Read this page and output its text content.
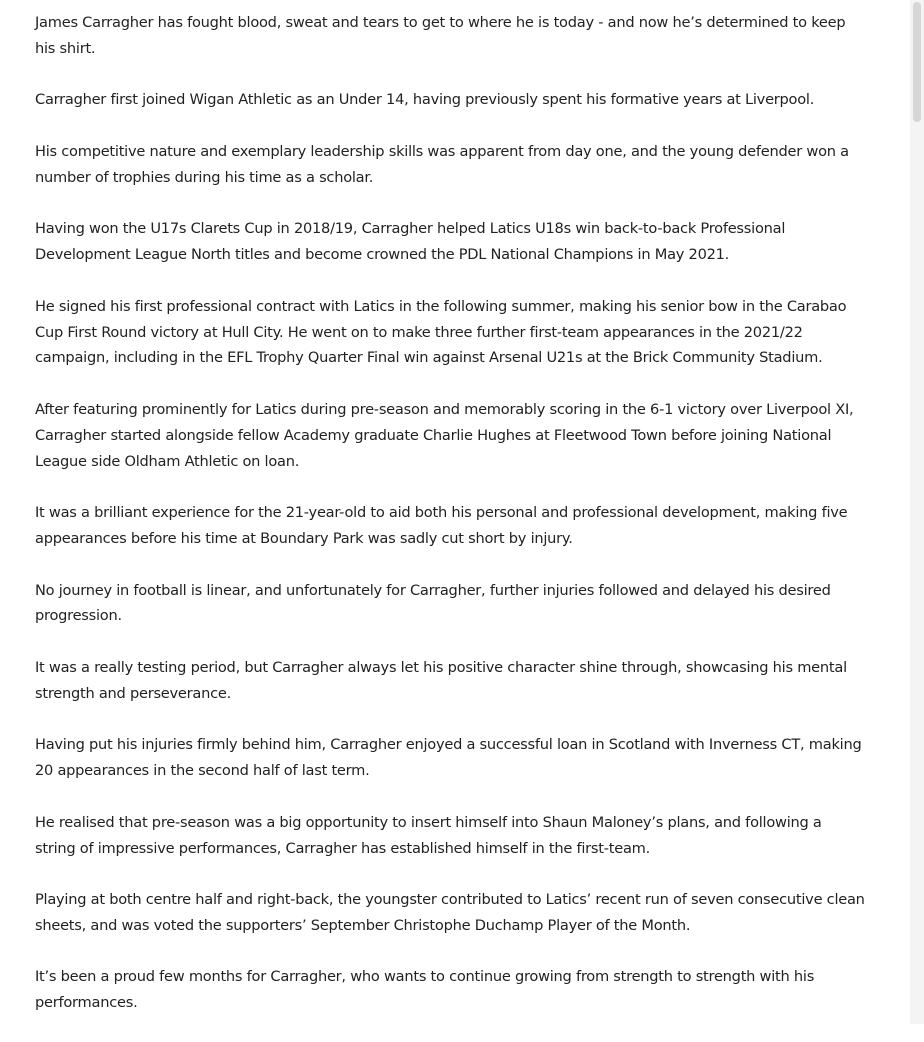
James Carragher has fought blood, sweat and tears to get to where he is today - and now he’s determined to keep his shirt.

Carragher first joined Wigan Athletic as an Under 14, having previously spent his formative years at Liverpool.

His competitive nature and exemplary leadership skills was apparent from day one, and the young defender won a number of trophies during his time as a scholar.

Having won the U17s Clarets Cup in 2018/19, Carragher helped Latics U18s win back-to-back Professional Development League North titles and become crowned the PDL National Champions in May 2021.

He signed his first professional contract with Latics in the following summer, making his senior bow in the Carabao Cup First Round victory at Hull City. He went on to make three further first-team appearances in the 2021/22 campaign, including in the EFL Trophy Quarter Final win against Arsenal U21s at the Brick Community Stadium.

After featuring prominently for Latics during pre-season and memorably scoring in the 6-1 victory over Liverpool XI, Carragher started alongside fellow Academy graduate Charlie Hughes at Fleetwood Town before joining National League side Oldham Athletic on loan.

It was a brilliant experience for the 21-year-old to aid both his personal and professional development, making five appearances before his time at Boundary Park was sadly cut short by injury.

No journey in football is linear, and unfortunately for Carragher, further injuries followed and delayed his desired progression.

It was a really testing period, but Carragher always let his positive character shine through, showcasing his mental strength and perseverance.

Having put his injuries firmly behind him, Carragher enjoyed a successful loan in Scotland with Inverness CT, making 20 appearances in the second half of last term.

He realised that pre-season was a big opportunity to insert himself into Shaun Maloney’s plans, and following a string of impressive performances, Carragher has established himself in the first-team.

Playing at both centre half and right-back, the youngster contributed to Latics’ recent run of seven consecutive clean sheets, and was voted the supporters’ September Christophe Duchamp Player of the Month.

It’s been a proud few months for Carragher, who wants to continue growing from strength to strength with his performances.
